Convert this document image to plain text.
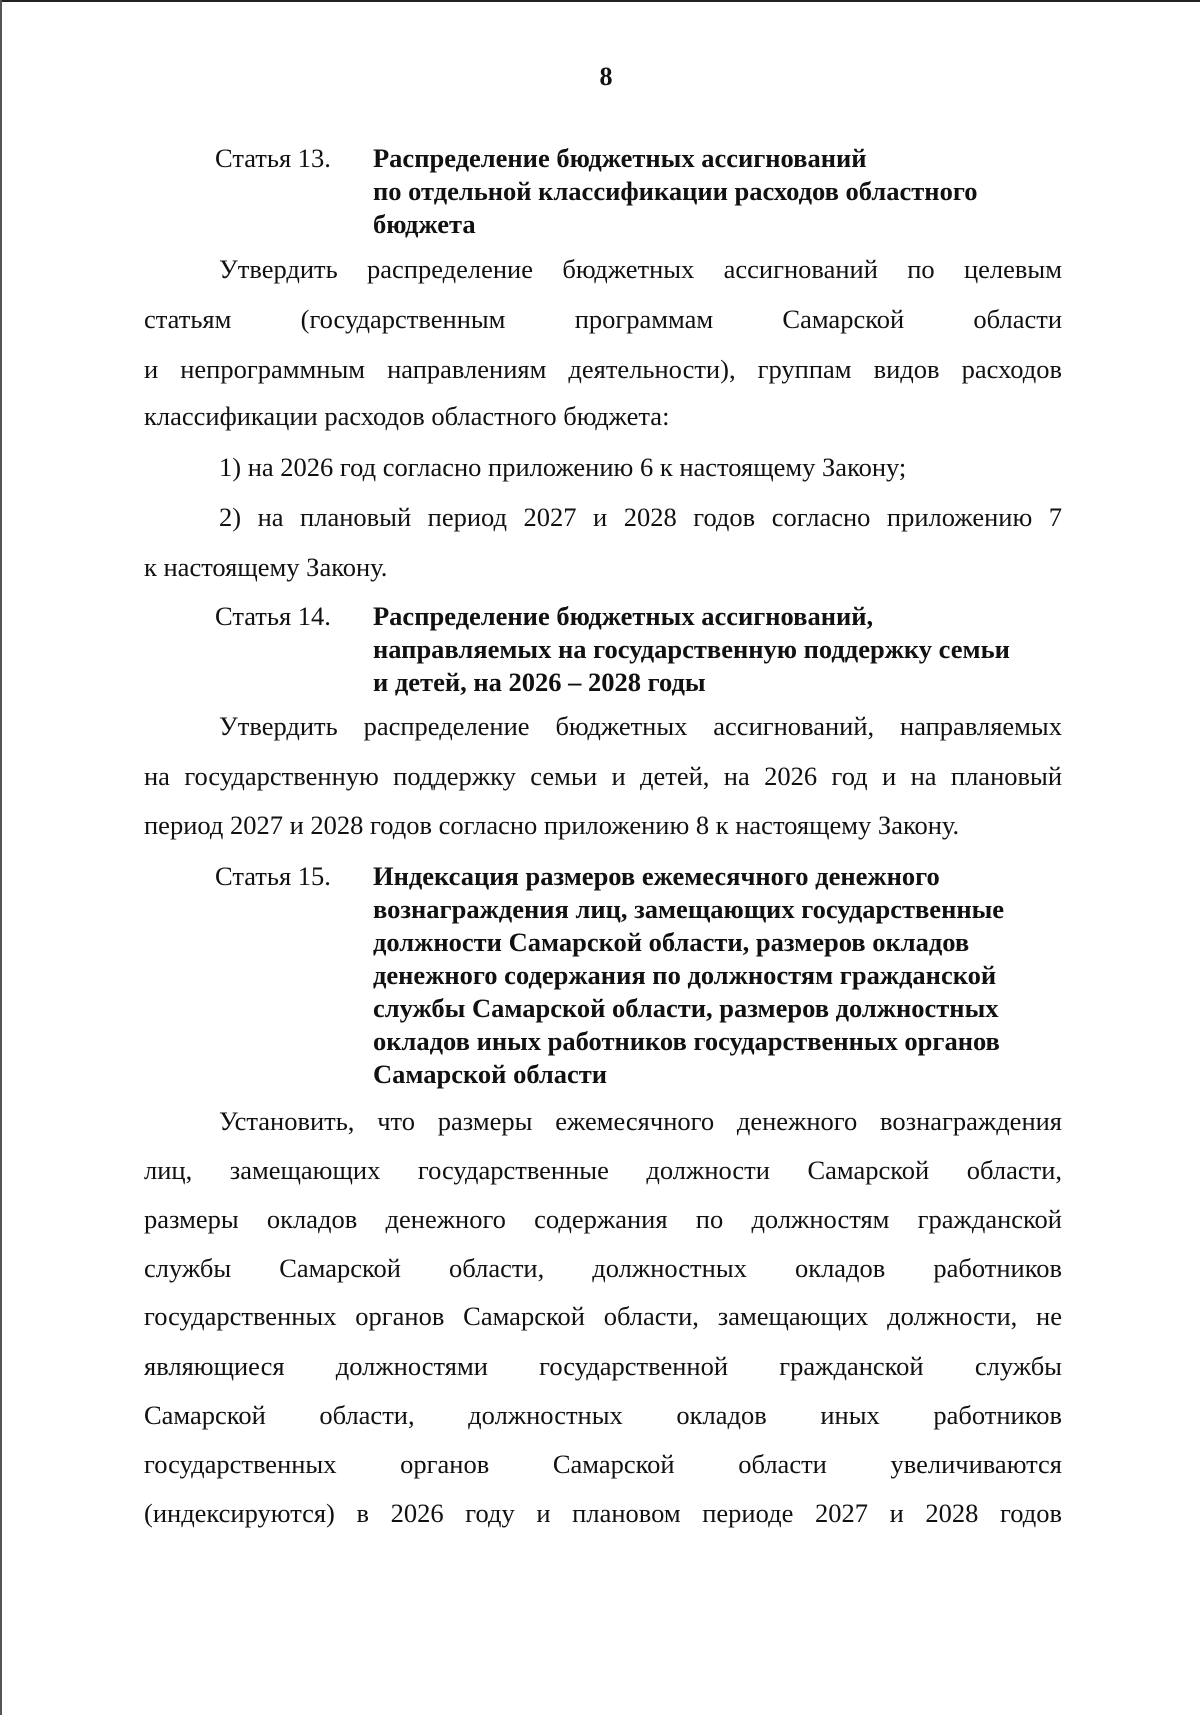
8
Статья 13. Распределение бюджетных ассигнований
по отдельной классификации расходов областного
бюджета
Утвердить распределение бюджетных ассигнований по целевым
статьям (государственным программам Самарской области
и непрограммным направлениям деятельности), группам видов расходов
классификации расходов областного бюджета:
1) на 2026 год согласно приложению 6 к настоящему Закону;
2) на плановый период 2027 и 2028 годов согласно приложению 7
к настоящему Закону.
Статья 14. Распределение бюджетных ассигнований,
направляемых на государственную поддержку семьи
и детей, на 2026 – 2028 годы
Утвердить распределение бюджетных ассигнований, направляемых
на государственную поддержку семьи и детей, на 2026 год и на плановый
период 2027 и 2028 годов согласно приложению 8 к настоящему Закону.
Статья 15. Индексация размеров ежемесячного денежного
вознаграждения лиц, замещающих государственные
должности Самарской области, размеров окладов
денежного содержания по должностям гражданской
службы Самарской области, размеров должностных
окладов иных работников государственных органов
Самарской области
Установить, что размеры ежемесячного денежного вознаграждения
лиц, замещающих государственные должности Самарской области,
размеры окладов денежного содержания по должностям гражданской
службы Самарской области, должностных окладов работников
государственных органов Самарской области, замещающих должности, не
являющиеся должностями государственной гражданской службы
Самарской области, должностных окладов иных работников
государственных органов Самарской области увеличиваются
(индексируются) в 2026 году и плановом периоде 2027 и 2028 годов
